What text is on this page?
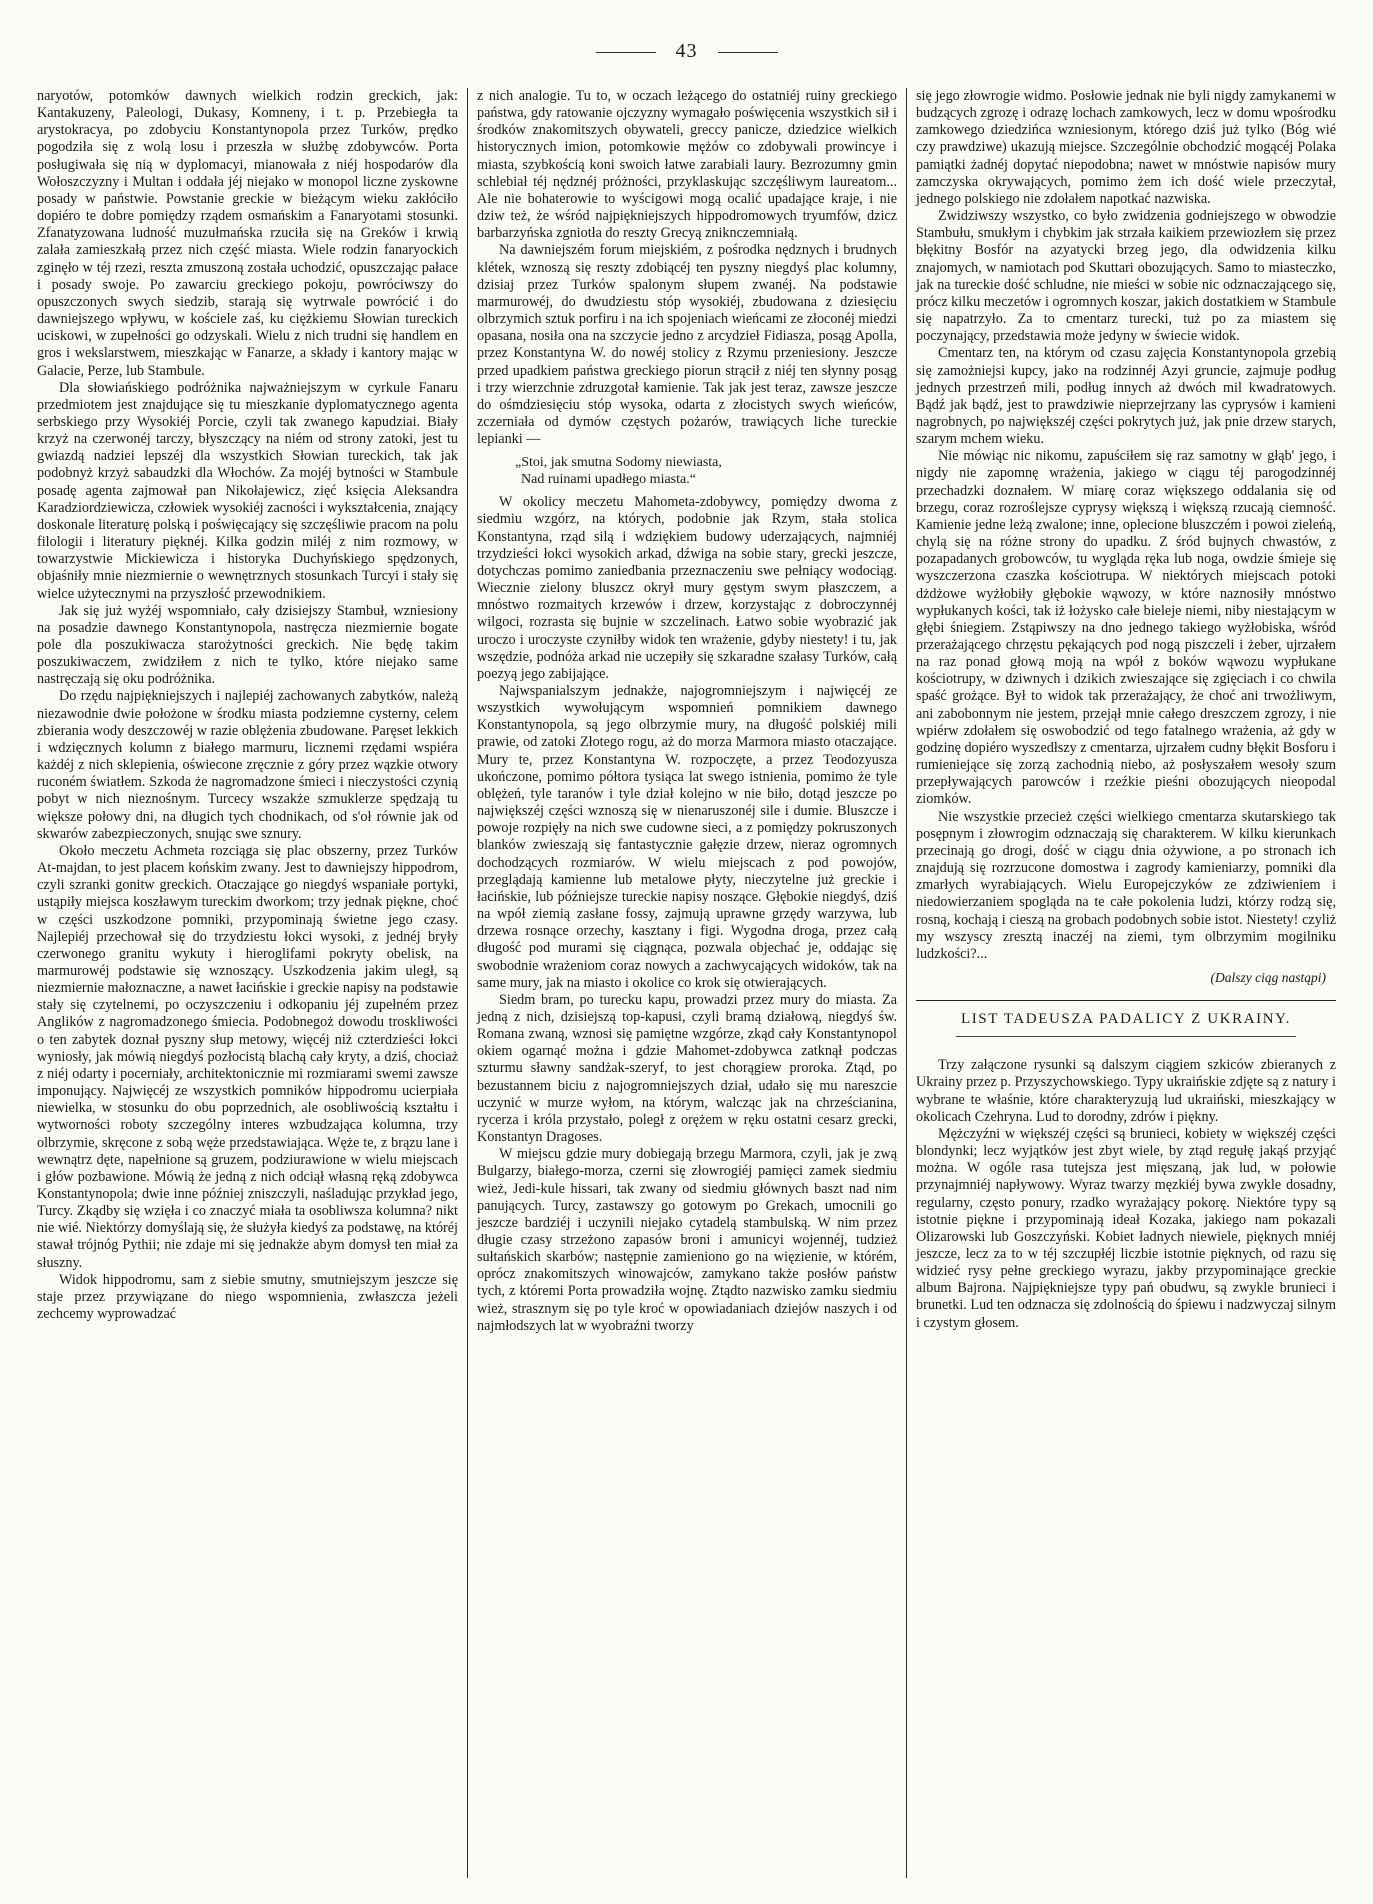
43

naryotów, potomków dawnych wielkich rodzin greckich, jak: Kantakuzeny, Paleologi, Dukasy, Komneny, i t. p. Przebiegła ta arystokracya, po zdobyciu Konstantynopola przez Turków, prędko pogodziła się z wolą losu i przeszła w służbę zdobywców. Porta posługiwała się nią w dyplomacyi, mianowała z niéj hospodarów dla Wołoszczyzny i Multan i oddała jéj niejako w monopol liczne zyskowne posady w państwie. Powstanie greckie w bieżącym wieku zakłóciło dopiéro te dobre pomiędzy rządem osmańskim a Fanaryotami stosunki. Zfanatyzowana ludność muzułmańska rzuciła się na Greków i krwią zalała zamieszkałą przez nich część miasta. Wiele rodzin fanaryockich zginęło w téj rzezi, reszta zmuszoną została uchodzić, opuszczając pałace i posady swoje. Po zawarciu greckiego pokoju, powróciwszy do opuszczonych swych siedzib, starają się wytrwale powrócić i do dawniejszego wpływu, w kościele zaś, ku ciężkiemu Słowian tureckich uciskowi, w zupełności go odzyskali. Wielu z nich trudni się handlem en gros i wekslarstwem, mieszkając w Fanarze, a składy i kantory mając w Galacie, Perze, lub Stambule.

Dla słowiańskiego podróżnika najważniejszym w cyrkule Fanaru przedmiotem jest znajdujące się tu mieszkanie dyplomatycznego agenta serbskiego przy Wysokiéj Porcie, czyli tak zwanego kapudziai. Biały krzyż na czerwonéj tarczy, błyszczący na niém od strony zatoki, jest tu gwiazdą nadziei lepszéj dla wszystkich Słowian tureckich, tak jak podobnyż krzyż sabaudzki dla Włochów. Za mojéj bytności w Stambule posadę agenta zajmował pan Nikołajewicz, zięć księcia Aleksandra Karadziordziewicza, człowiek wysokiéj zacności i wykształcenia, znający doskonale literaturę polską i poświęcający się szczęśliwie pracom na polu filologii i literatury pięknéj. Kilka godzin miléj z nim rozmowy, w towarzystwie Mickiewicza i historyka Duchyńskiego spędzonych, objaśniły mnie niezmiernie o wewnętrznych stosunkach Turcyi i stały się wielce użytecznymi na przyszłość przewodnikiem.

Jak się już wyżéj wspomniało, cały dzisiejszy Stambuł, wzniesiony na posadzie dawnego Konstantynopola, nastręcza niezmiernie bogate pole dla poszukiwacza starożytności greckich. Nie będę takim poszukiwaczem, zwidziłem z nich te tylko, które niejako same nastręczają się oku podróżnika.

Do rzędu najpiękniejszych i najlepiéj zachowanych zabytków, należą niezawodnie dwie położone w środku miasta podziemne cysterny, celem zbierania wody deszczowéj w razie oblężenia zbudowane. Paręset lekkich i wdzięcznych kolumn z białego marmuru, licznemi rzędami wspiéra każdéj z nich sklepienia, oświecone zręcznie z góry przez wązkie otwory ruconém światłem. Szkoda że nagromadzone śmieci i nieczystości czynią pobyt w nich nieznośnym. Turcecy wszakże szmuklerze spędzają tu większe połowy dni, na długich tych chodnikach, od s'oł równie jak od skwarów zabezpieczonych, snując swe sznury.

Około meczetu Achmeta rozciąga się plac obszerny, przez Turków At-majdan, to jest placem końskim zwany. Jest to dawniejszy hippodrom, czyli szranki gonitw greckich. Otaczające go niegdyś wspaniałe portyki, ustąpiły miejsca koszławym tureckim dworkom; trzy jednak piękne, choć w części uszkodzone pomniki, przypominają świetne jego czasy. Najlepiéj przechował się do trzydziestu łokci wysoki, z jednéj bryły czerwonego granitu wykuty i hieroglifami pokryty obelisk, na marmurowéj podstawie się wznoszący. Uszkodzenia jakim uległ, są niezmiernie małoznaczne, a nawet łacińskie i greckie napisy na podstawie stały się czytelnemi, po oczyszczeniu i odkopaniu jéj zupełném przez Anglików z nagromadzonego śmiecia. Podobnegoż dowodu troskliwości o ten zabytek doznał pyszny słup metowy, więcéj niż czterdzieści łokci wyniosły, jak mówią niegdyś pozłocistą blachą cały kryty, a dziś, chociaż z niéj odarty i pocerniały, architektonicznie mi rozmiarami swemi zawsze imponujący. Najwięcéj ze wszystkich pomników hippodromu ucierpiała niewielka, w stosunku do obu poprzednich, ale osobliwością kształtu i wytworności roboty szczególny interes wzbudzająca kolumna, trzy olbrzymie, skręcone z sobą węże przedstawiająca. Węże te, z brązu lane i wewnątrz dęte, napełnione są gruzem, podziurawione w wielu miejscach i głów pozbawione. Mówią że jedną z nich odciął własną ręką zdobywca Konstantynopola; dwie inne później zniszczyli, naśladując przykład jego, Turcy. Zkądby się wzięła i co znaczyć miała ta osobliwsza kolumna? nikt nie wié. Niektórzy domyślają się, że służyła kiedyś za podstawę, na któréj stawał trójnóg Pythii; nie zdaje mi się jednakże abym domysł ten miał za słuszny.

Widok hippodromu, sam z siebie smutny, smutniejszym jeszcze się staje przez przywiązane do niego wspomnienia, zwłaszcza jeżeli zechcemy wyprowadzać

z nich analogie. Tu to, w oczach leżącego do ostatniéj ruiny greckiego państwa, gdy ratowanie ojczyzny wymagało poświęcenia wszystkich sił i środków znakomitszych obywateli, greccy panicze, dziedzice wielkich historycznych imion, potomkowie mężów co zdobywali prowincye i miasta, szybkością koni swoich łatwe zarabiali laury. Bezrozumny gmin schlebiał téj nędznéj próżności, przyklaskując szczęśliwym laureatom... Ale nie bohaterowie to wyścigowi mogą ocalić upadające kraje, i nie dziw też, że wśród najpiękniejszych hippodromowych tryumfów, dzicz barbarzyńska zgniotła do reszty Grecyą zniknczemniałą.

Na dawniejszém forum miejskiém, z pośrodka nędznych i brudnych klétek, wznoszą się reszty zdobiącéj ten pyszny niegdyś plac kolumny, dzisiaj przez Turków spalonym słupem zwanéj. Na podstawie marmurowéj, do dwudziestu stóp wysokiéj, zbudowana z dziesięciu olbrzymich sztuk porfiru i na ich spojeniach wieńcami ze złoconéj miedzi opasana, nosiła ona na szczycie jedno z arcydzieł Fidiasza, posąg Apolla, przez Konstantyna W. do nowéj stolicy z Rzymu przeniesiony. Jeszcze przed upadkiem państwa greckiego piorun strącił z niéj ten słynny posąg i trzy wierzchnie zdruzgotał kamienie. Tak jak jest teraz, zawsze jeszcze do ośmdziesięciu stóp wysoka, odarta z złocistych swych wieńców, zczerniała od dymów częstych pożarów, trawiących liche tureckie lepianki —

„Stoi, jak smutna Sodomy niewiasta,
Nad ruinami upadłego miasta.“

W okolicy meczetu Mahometa-zdobywcy, pomiędzy dwoma z siedmiu wzgórz, na których, podobnie jak Rzym, stała stolica Konstantyna, rząd silą i wdziękiem budowy uderzających, najmniéj trzydzieści łokci wysokich arkad, dźwiga na sobie stary, grecki jeszcze, dotychczas pomimo zaniedbania przeznaczeniu swe pełniący wodociąg. Wiecznie zielony bluszcz okrył mury gęstym swym płaszczem, a mnóstwo rozmaitych krzewów i drzew, korzystając z dobroczynnéj wilgoci, rozrasta się bujnie w szczelinach. Łatwo sobie wyobrazić jak uroczo i uroczyste czyniłby widok ten wrażenie, gdyby niestety! i tu, jak wszędzie, podnóża arkad nie uczepiły się szkaradne szałasy Turków, całą poezyą jego zabijające.

Najwspanialszym jednakże, najogromniejszym i najwięcéj ze wszystkich wywołującym wspomnień pomnikiem dawnego Konstantynopola, są jego olbrzymie mury, na długość polskiéj mili prawie, od zatoki Złotego rogu, aż do morza Marmora miasto otaczające. Mury te, przez Konstantyna W. rozpoczęte, a przez Teodozyusza ukończone, pomimo półtora tysiąca lat swego istnienia, pomimo że tyle oblężeń, tyle taranów i tyle dział kolejno w nie biło, dotąd jeszcze po największéj części wznoszą się w nienaruszonéj sile i dumie. Bluszcze i powoje rozpięły na nich swe cudowne sieci, a z pomiędzy pokruszonych blanków zwieszają się fantastycznie gałęzie drzew, nieraz ogromnych dochodzących rozmiarów. W wielu miejscach z pod powojów, przeglądają kamienne lub metalowe płyty, nieczytelne już greckie i łacińskie, lub późniejsze tureckie napisy noszące. Głębokie niegdyś, dziś na wpół ziemią zasłane fossy, zajmują uprawne grzędy warzywa, lub drzewa rosnące orzechy, kasztany i figi. Wygodna droga, przez całą długość pod murami się ciągnąca, pozwala objechać je, oddając się swobodnie wrażeniom coraz nowych a zachwycających widoków, tak na same mury, jak na miasto i okolice co krok się otwierających.

Siedm bram, po turecku kapu, prowadzi przez mury do miasta. Za jedną z nich, dzisiejszą top-kapusi, czyli bramą działową, niegdyś św. Romana zwaną, wznosi się pamiętne wzgórze, zkąd cały Konstantynopol okiem ogarnąć można i gdzie Mahomet-zdobywca zatknął podczas szturmu sławny sandżak-szeryf, to jest chorągiew proroka. Ztąd, po bezustannem biciu z najogromniejszych dział, udało się mu nareszcie uczynić w murze wyłom, na którym, walcząc jak na chrześcianina, rycerza i króla przystało, poległ z orężem w ręku ostatni cesarz grecki, Konstantyn Dragoses.

W miejscu gdzie mury dobiegają brzegu Marmora, czyli, jak je zwą Bulgarzy, białego-morza, czerni się złowrogiéj pamięci zamek siedmiu wież, Jedi-kule hissari, tak zwany od siedmiu głównych baszt nad nim panujących. Turcy, zastawszy go gotowym po Grekach, umocnili go jeszcze bardziéj i uczynili niejako cytadelą stambulską. W nim przez długie czasy strzeżono zapasów broni i amunicyi wojennéj, tudzież sułtańskich skarbów; następnie zamieniono go na więzienie, w którém, oprócz znakomitszych winowajców, zamykano także posłów państw tych, z któremi Porta prowadziła wojnę. Ztądto nazwisko zamku siedmiu wież, strasznym się po tyle kroć w opowiadaniach dziejów naszych i od najmłodszych lat w wyobraźni tworzy

się jego złowrogie widmo. Posłowie jednak nie byli nigdy zamykanemi w budzących zgrozę i odrazę lochach zamkowych, lecz w domu wpośrodku zamkowego dziedzińca wzniesionym, którego dziś już tylko (Bóg wié czy prawdziwe) ukazują miejsce. Szczególnie obchodzić mogącéj Polaka pamiątki żadnéj dopytać niepodobna; nawet w mnóstwie napisów mury zamczyska okrywających, pomimo żem ich dość wiele przeczytał, jednego polskiego nie zdołałem napotkać nazwiska.

Zwidziwszy wszystko, co było zwidzenia godniejszego w obwodzie Stambułu, smukłym i chybkim jak strzała kaikiem przewiozłem się przez błękitny Bosfór na azyatycki brzeg jego, dla odwidzenia kilku znajomych, w namiotach pod Skuttari obozujących. Samo to miasteczko, jak na tureckie dość schludne, nie mieści w sobie nic odznaczającego się, prócz kilku meczetów i ogromnych koszar, jakich dostatkiem w Stambule się napatrzyło. Za to cmentarz turecki, tuż po za miastem się poczynający, przedstawia może jedyny w świecie widok.

Cmentarz ten, na którym od czasu zajęcia Konstantynopola grzebią się zamożniejsi kupcy, jako na rodzinnéj Azyi gruncie, zajmuje podług jednych przestrzeń mili, podług innych aż dwóch mil kwadratowych. Bądź jak bądź, jest to prawdziwie nieprzejrzany las cyprysów i kamieni nagrobnych, po największéj części pokrytych już, jak pnie drzew starych, szarym mchem wieku.

Nie mówiąc nic nikomu, zapuściłem się raz samotny w głąb' jego, i nigdy nie zapomnę wrażenia, jakiego w ciągu téj parogodzinnéj przechadzki doznałem. W miarę coraz większego oddalania się od brzegu, coraz rozroślejsze cyprysy większą i większą rzucają ciemność. Kamienie jedne leżą zwalone; inne, oplecione bluszczém i powoi zieleńą, chylą się na różne strony do upadku. Z śród bujnych chwastów, z pozapadanych grobowców, tu wygląda ręka lub noga, owdzie śmieje się wyszczerzona czaszka kościotrupa. W niektórych miejscach potoki dżdżowe wyżłobiły głębokie wąwozy, w które naznosiły mnóstwo wypłukanych kości, tak iż łożysko całe bieleje niemi, niby niestającym w głębi śniegiem. Zstąpiwszy na dno jednego takiego wyżłobiska, wśród przerażającego chrzęstu pękających pod nogą piszczeli i żeber, ujrzałem na raz ponad głową moją na wpół z boków wąwozu wypłukane kościotrupy, w dziwnych i dzikich zwieszające się zgięciach i co chwila spaść grożące. Był to widok tak przerażający, że choć ani trwożliwym, ani zabobonnym nie jestem, przejął mnie całego dreszczem zgrozy, i nie wpiérw zdołałem się oswobodzić od tego fatalnego wrażenia, aż gdy w godzinę dopiéro wyszedłszy z cmentarza, ujrzałem cudny błękit Bosforu i rumieniejące się zorzą zachodnią niebo, aż posłyszałem wesoły szum przepływających parowców i rzeźkie pieśni obozujących nieopodal ziomków.

Nie wszystkie przecież części wielkiego cmentarza skutarskiego tak posępnym i złowrogim odznaczają się charakterem. W kilku kierunkach przecinają go drogi, dość w ciągu dnia ożywione, a po stronach ich znajdują się rozrzucone domostwa i zagrody kamieniarzy, pomniki dla zmarłych wyrabiających. Wielu Europejczyków ze zdziwieniem i niedowierzaniem spogląda na te całe pokolenia ludzi, którzy rodzą się, rosną, kochają i cieszą na grobach podobnych sobie istot. Niestety! czyliż my wszyscy zresztą inaczéj na ziemi, tym olbrzymim mogilniku ludzkości?...

(Dalszy ciąg nastąpi)
LIST TADEUSZA PADALICY Z UKRAINY.

Trzy załączone rysunki są dalszym ciągiem szkiców zbieranych z Ukrainy przez p. Przyszychowskiego. Typy ukraińskie zdjęte są z natury i wybrane te właśnie, które charakteryzują lud ukraiński, mieszkający w okolicach Czehryna. Lud to dorodny, zdrów i piękny.

Mężczyźni w większéj części są brunieci, kobiety w większéj części blondynki; lecz wyjątków jest zbyt wiele, by ztąd regułę jakąś przyjąć można. W ogóle rasa tutejsza jest mięszaną, jak lud, w połowie przynajmniéj napływowy. Wyraz twarzy męzkiéj bywa zwykle dosadny, regularny, często ponury, rzadko wyrażający pokorę. Niektóre typy są istotnie piękne i przypominają ideał Kozaka, jakiego nam pokazali Olizarowski lub Goszczyński. Kobiet ładnych niewiele, pięknych mniéj jeszcze, lecz za to w téj szczupłéj liczbie istotnie pięknych, od razu się widzieć rysy pełne greckiego wyrazu, jakby przypominające greckie album Bajrona. Najpiękniejsze typy pań obudwu, są zwykle brunieci i brunetki. Lud ten odznacza się zdolnością do śpiewu i nadzwyczaj silnym i czystym głosem.
